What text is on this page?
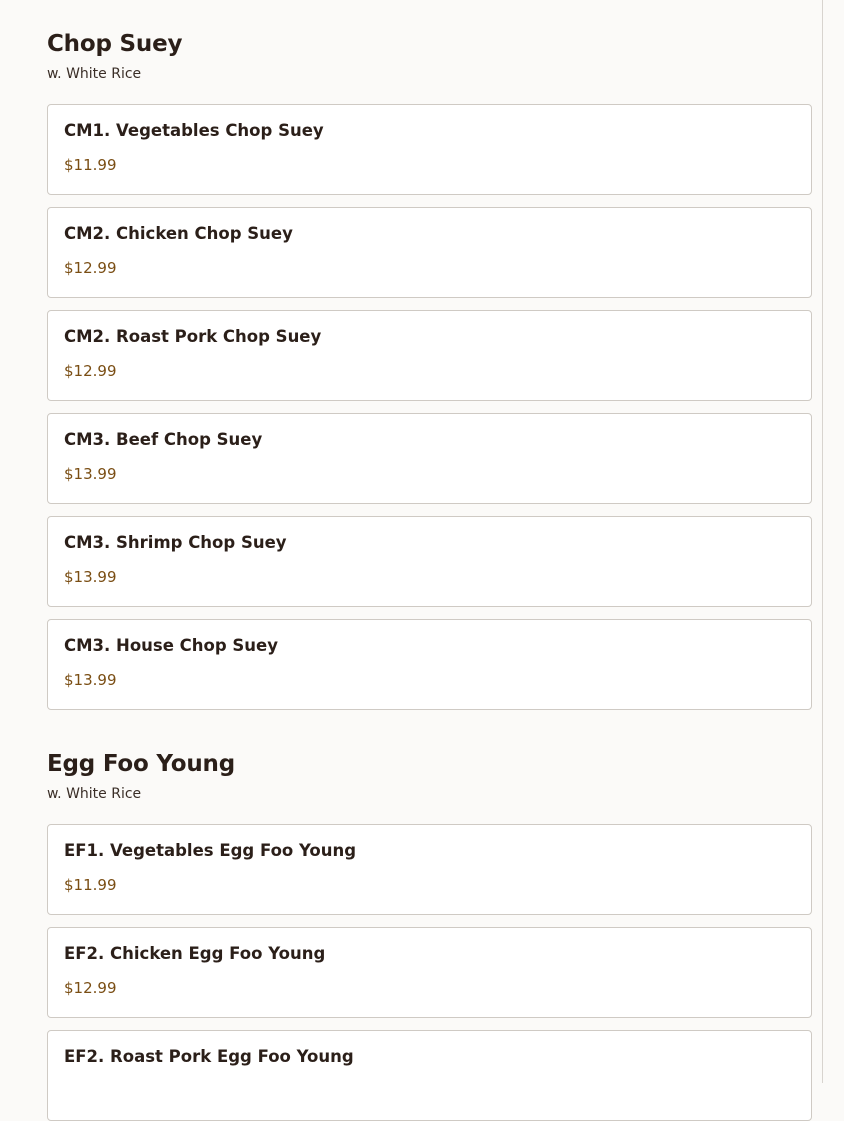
Chop Suey

w. White Rice

CM1. Vegetables Chop Suey
$11.99
CM2. Chicken Chop Suey
$12.99
CM2. Roast Pork Chop Suey
$12.99
CM3. Beef Chop Suey
$13.99
CM3. Shrimp Chop Suey
$13.99
CM3. House Chop Suey
$13.99
Egg Foo Young

w. White Rice

EF1. Vegetables Egg Foo Young
$11.99
EF2. Chicken Egg Foo Young
$12.99
EF2. Roast Pork Egg Foo Young
